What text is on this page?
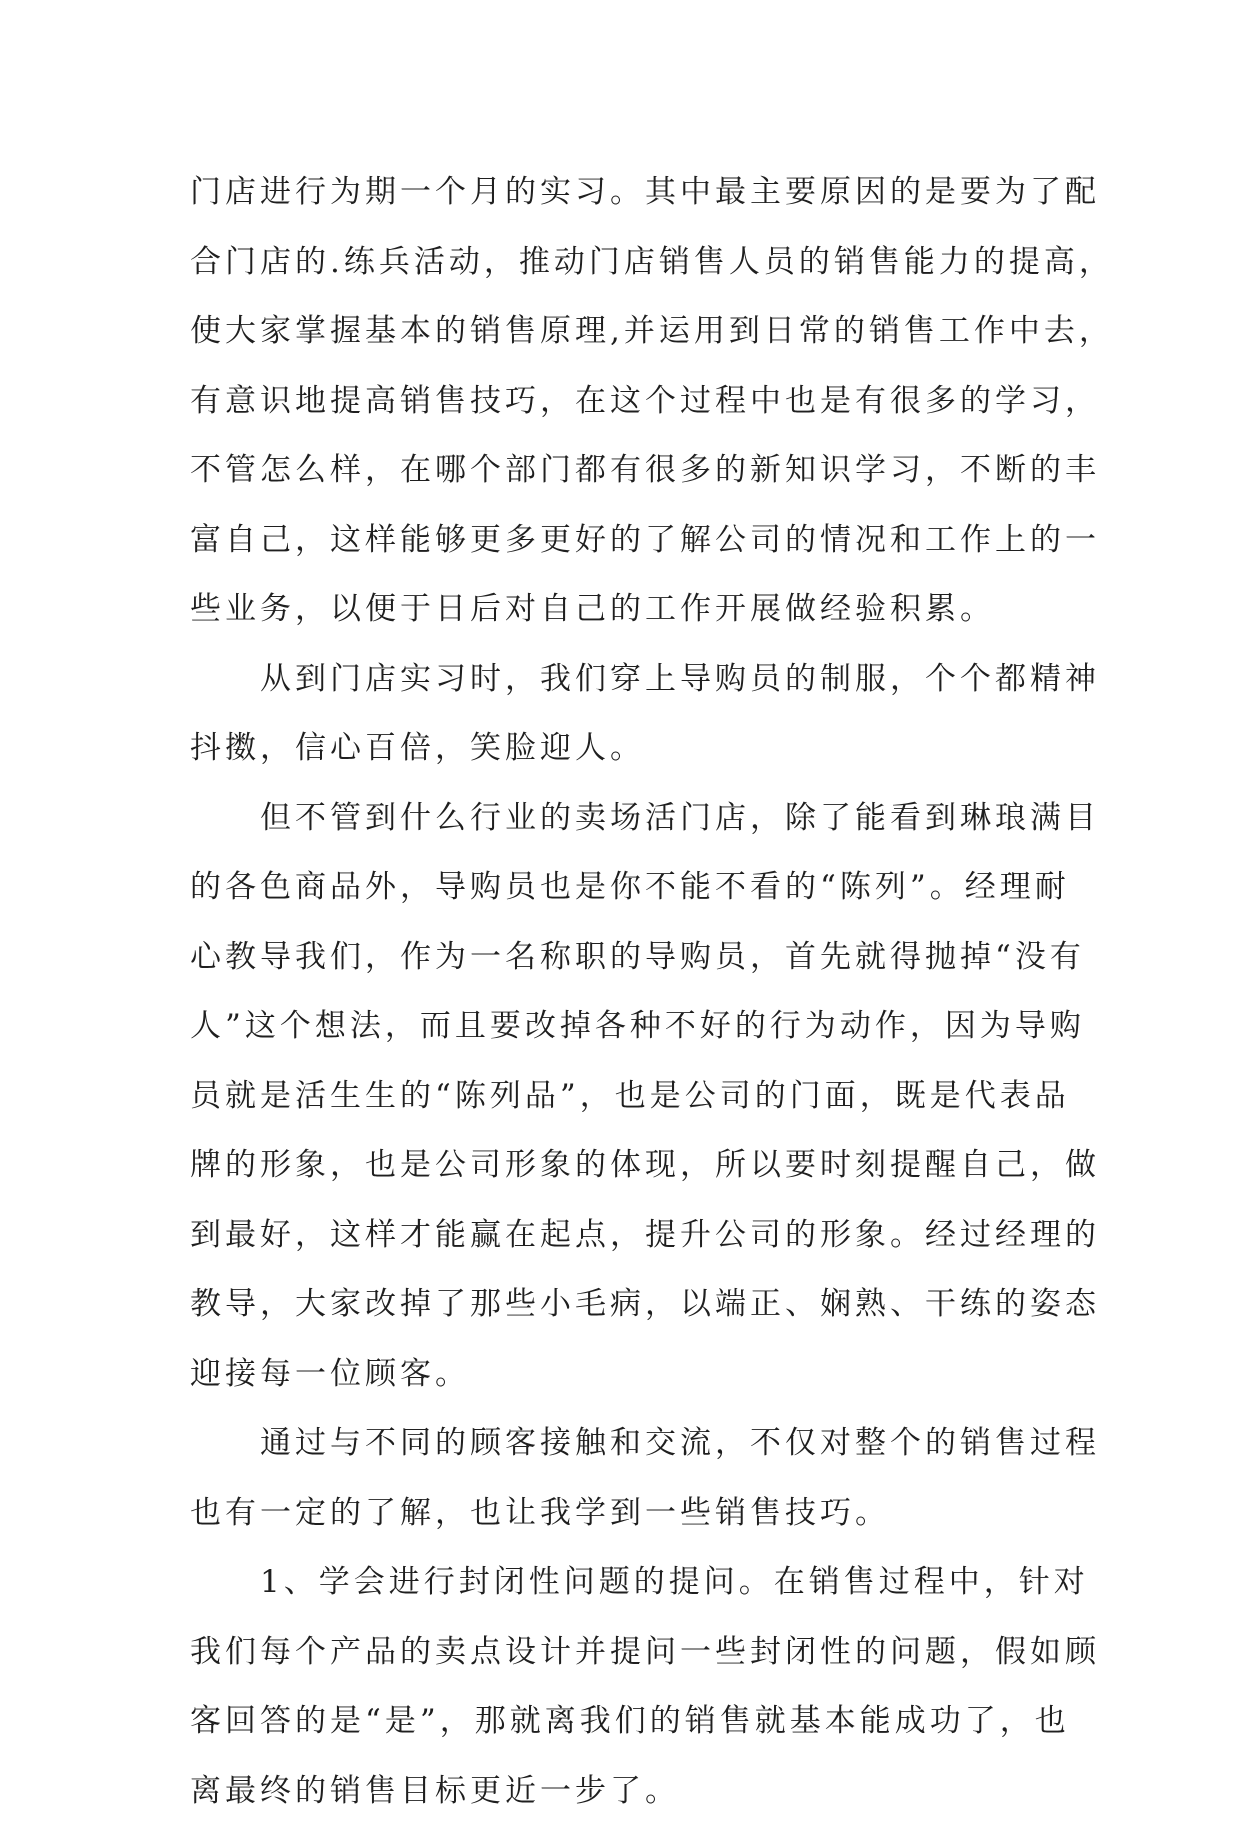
门店进行为期一个月的实习。其中最主要原因的是要为了配
合门店的.练兵活动，推动门店销售人员的销售能力的提高，
使大家掌握基本的销售原理,并运用到日常的销售工作中去，
有意识地提高销售技巧，在这个过程中也是有很多的学习，
不管怎么样，在哪个部门都有很多的新知识学习，不断的丰
富自己，这样能够更多更好的了解公司的情况和工作上的一
些业务，以便于日后对自己的工作开展做经验积累。
　　从到门店实习时，我们穿上导购员的制服，个个都精神
抖擞，信心百倍，笑脸迎人。
　　但不管到什么行业的卖场活门店，除了能看到琳琅满目
的各色商品外，导购员也是你不能不看的“陈列”。经理耐
心教导我们，作为一名称职的导购员，首先就得抛掉“没有
人”这个想法，而且要改掉各种不好的行为动作，因为导购
员就是活生生的“陈列品”，也是公司的门面，既是代表品
牌的形象，也是公司形象的体现，所以要时刻提醒自己，做
到最好，这样才能赢在起点，提升公司的形象。经过经理的
教导，大家改掉了那些小毛病，以端正、娴熟、干练的姿态
迎接每一位顾客。
　　通过与不同的顾客接触和交流，不仅对整个的销售过程
也有一定的了解，也让我学到一些销售技巧。
　　1、学会进行封闭性问题的提问。在销售过程中，针对
我们每个产品的卖点设计并提问一些封闭性的问题，假如顾
客回答的是“是”，那就离我们的销售就基本能成功了，也
离最终的销售目标更近一步了。
